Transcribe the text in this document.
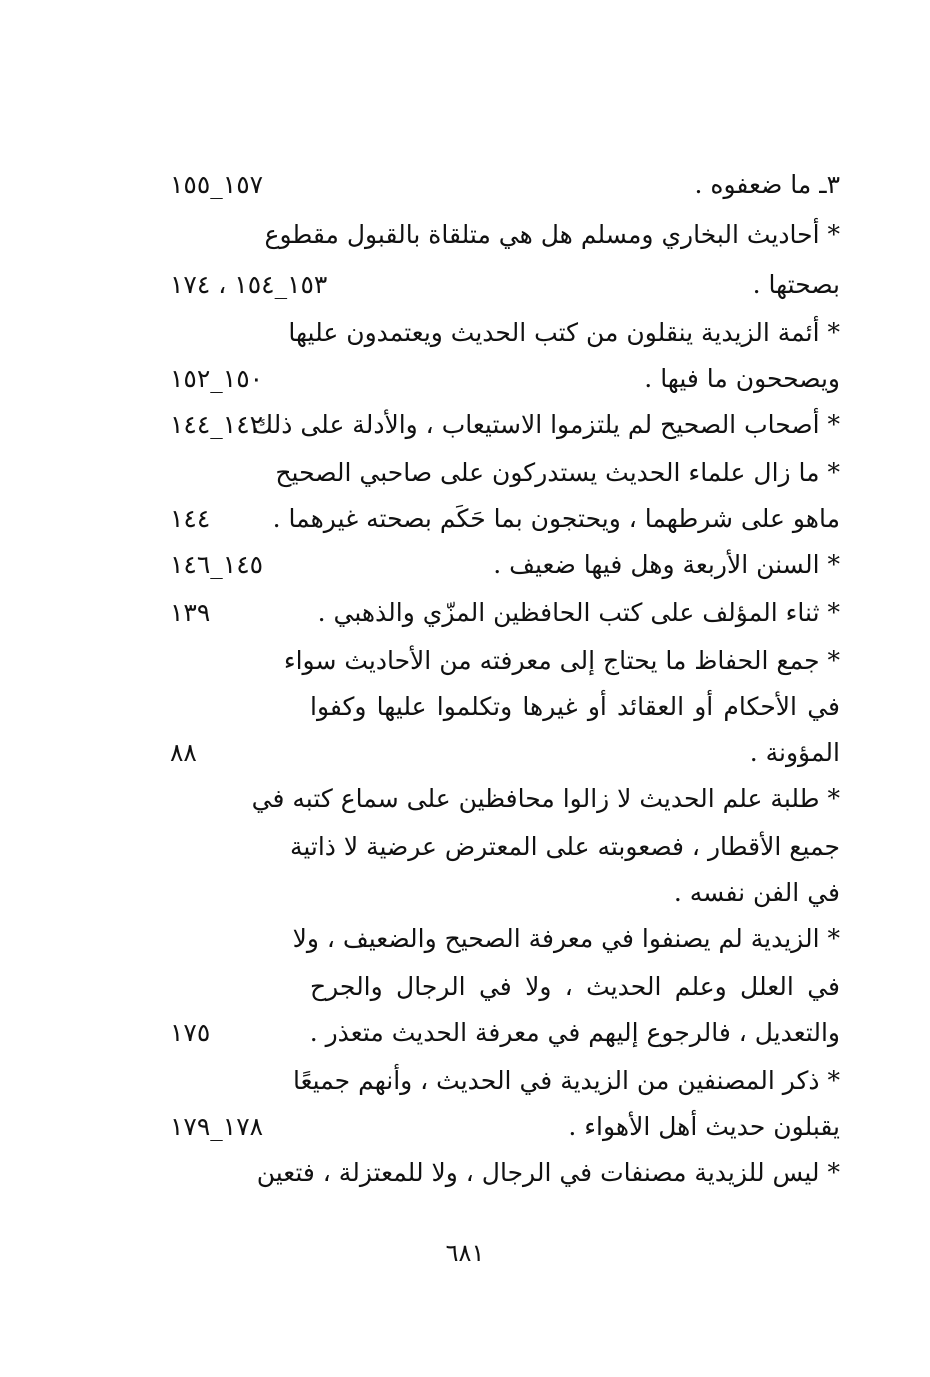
٣ـ ما ضعفوه .
١٥٧_١٥٥
* أحاديث البخاري ومسلم هل هي متلقاة بالقبول مقطوع
بصحتها .
١٥٣_١٥٤ ، ١٧٤
* أئمة الزيدية ينقلون من كتب الحديث ويعتمدون عليها
ويصححون ما فيها .
١٥٠_١٥٢
* أصحاب الصحيح لم يلتزموا الاستيعاب ، والأدلة على ذلك
١٤٢_١٤٤
* ما زال علماء الحديث يستدركون على صاحبي الصحيح
ماهو على شرطهما ، ويحتجون بما حَكَم بصحته غيرهما .
١٤٤
* السنن الأربعة وهل فيها ضعيف .
١٤٥_١٤٦
* ثناء المؤلف على كتب الحافظين المزّي والذهبي .
١٣٩
* جمع الحفاظ ما يحتاج إلى معرفته من الأحاديث سواء
في الأحكام أو العقائد أو غيرها وتكلموا عليها وكفوا
المؤونة .
٨٨
* طلبة علم الحديث لا زالوا محافظين على سماع كتبه في
جميع الأقطار ، فصعوبته على المعترض عرضية لا ذاتية
في الفن نفسه .
* الزيدية لم يصنفوا في معرفة الصحيح والضعيف ، ولا
في العلل وعلم الحديث ، ولا في الرجال والجرح
والتعديل ، فالرجوع إليهم في معرفة الحديث متعذر .
١٧٥
* ذكر المصنفين من الزيدية في الحديث ، وأنهم جميعًا
يقبلون حديث أهل الأهواء .
١٧٨_١٧٩
* ليس للزيدية مصنفات في الرجال ، ولا للمعتزلة ، فتعين
٦٨١
